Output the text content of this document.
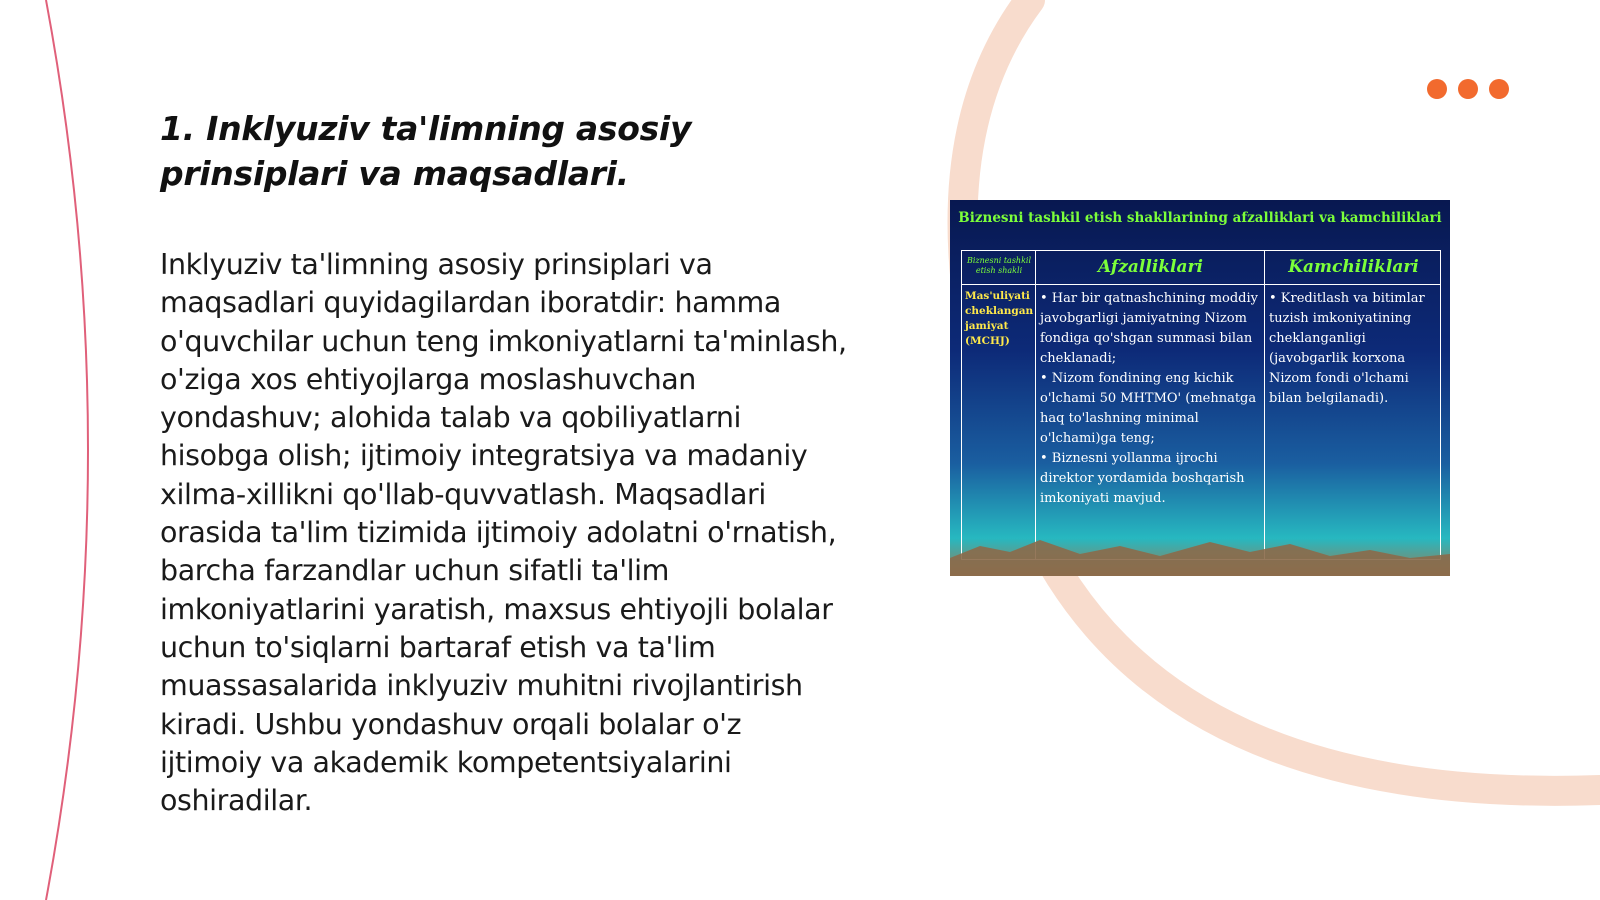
1. Inklyuziv ta'limning asosiy prinsiplari va maqsadlari.
Inklyuziv ta'limning asosiy prinsiplari va maqsadlari quyidagilardan iboratdir: hamma o'quvchilar uchun teng imkoniyatlarni ta'minlash, o'ziga xos ehtiyojlarga moslashuvchan yondashuv; alohida talab va qobiliyatlarni hisobga olish; ijtimoiy integratsiya va madaniy xilma-xillikni qo'llab-quvvatlash. Maqsadlari orasida ta'lim tizimida ijtimoiy adolatni o'rnatish, barcha farzandlar uchun sifatli ta'lim imkoniyatlarini yaratish, maxsus ehtiyojli bolalar uchun to'siqlarni bartaraf etish va ta'lim muassasalarida inklyuziv muhitni rivojlantirish kiradi. Ushbu yondashuv orqali bolalar o'z ijtimoiy va akademik kompetentsiyalarini oshiradilar.
Biznesni tashkil etish shakllarining afzalliklari va kamchiliklari
Biznesni tashkil etish shakli	Afzalliklari	Kamchiliklari
Mas'uliyati cheklangan jamiyat (MCHJ)
• Har bir qatnashchining moddiy javobgarligi jamiyatning Nizom fondiga qo'shgan summasi bilan cheklanadi;
• Nizom fondining eng kichik o'lchami 50 MHTMO' (mehnatga haq to'lashning minimal o'lchami)ga teng;
• Biznesni yollanma ijrochi direktor yordamida boshqarish imkoniyati mavjud.
• Kreditlash va bitimlar tuzish imkoniyatining cheklanganligi (javobgarlik korxona Nizom fondi o'lchami bilan belgilanadi).
